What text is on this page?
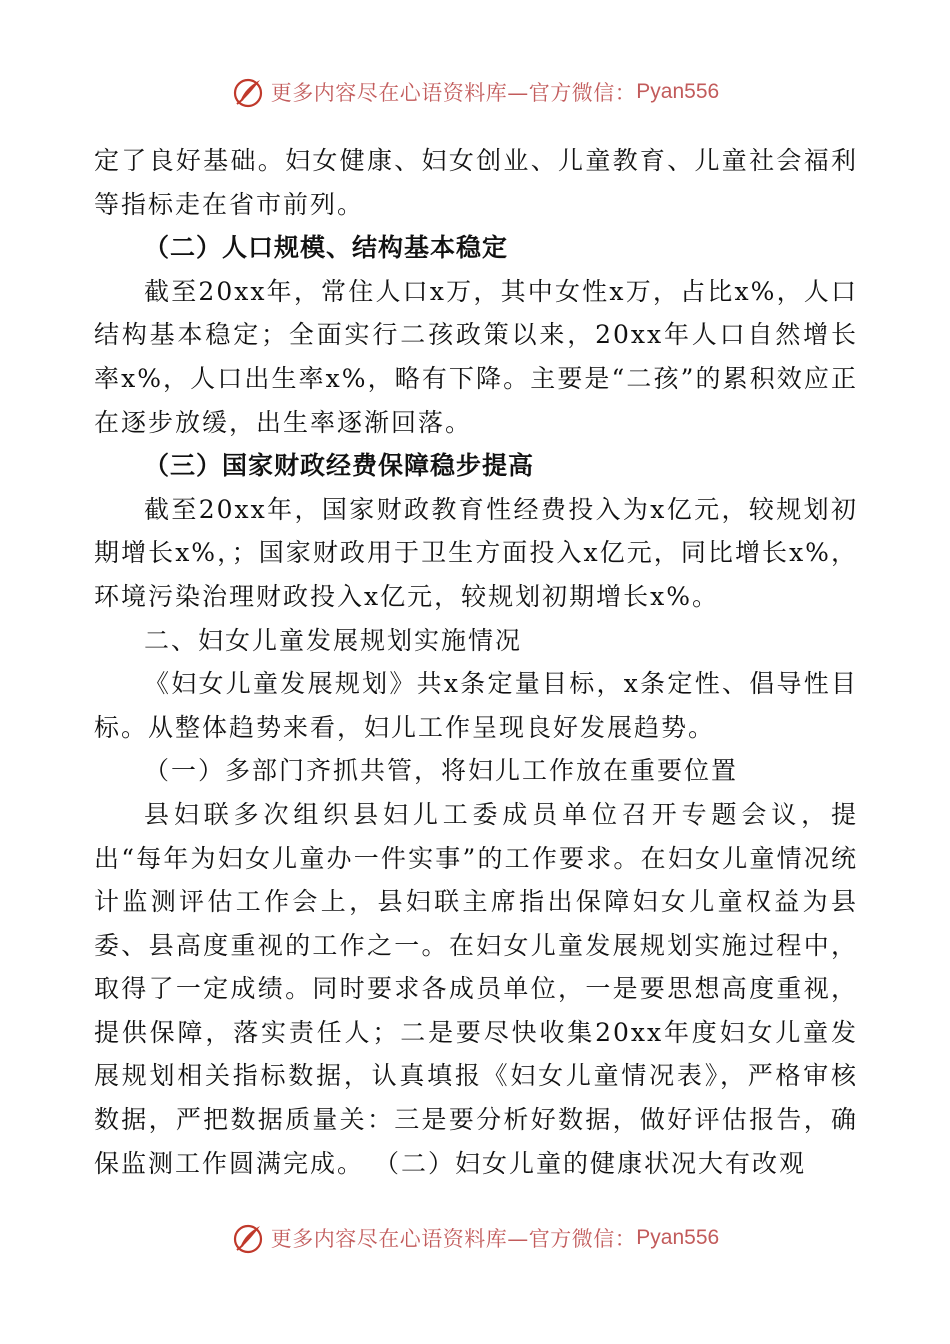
更多内容尽在心语资料库—官方微信： Pyan556

定了良好基础。妇女健康、妇女创业、儿童教育、儿童社会福利等指标走在省市前列。

（二）人口规模、结构基本稳定

截至20xx年，常住人口x万，其中女性x万，占比x%，人口结构基本稳定；全面实行二孩政策以来，20xx年人口自然增长率x%，人口出生率x%，略有下降。主要是“二孩”的累积效应正在逐步放缓，出生率逐渐回落。

（三）国家财政经费保障稳步提高

截至20xx年，国家财政教育性经费投入为x亿元，较规划初期增长x%，；国家财政用于卫生方面投入x亿元，同比增长x%，环境污染治理财政投入x亿元，较规划初期增长x%。

二、妇女儿童发展规划实施情况

《妇女儿童发展规划》共x条定量目标，x条定性、倡导性目标。从整体趋势来看，妇儿工作呈现良好发展趋势。

（一）多部门齐抓共管，将妇儿工作放在重要位置

县妇联多次组织县妇儿工委成员单位召开专题会议，提出“每年为妇女儿童办一件实事”的工作要求。在妇女儿童情况统计监测评估工作会上，县妇联主席指出保障妇女儿童权益为县委、县高度重视的工作之一。在妇女儿童发展规划实施过程中，取得了一定成绩。同时要求各成员单位，一是要思想高度重视，提供保障，落实责任人；二是要尽快收集20xx年度妇女儿童发展规划相关指标数据，认真填报《妇女儿童情况表》，严格审核数据，严把数据质量关：三是要分析好数据，做好评估报告，确保监测工作圆满完成。 （二）妇女儿童的健康状况大有改观

更多内容尽在心语资料库—官方微信： Pyan556
